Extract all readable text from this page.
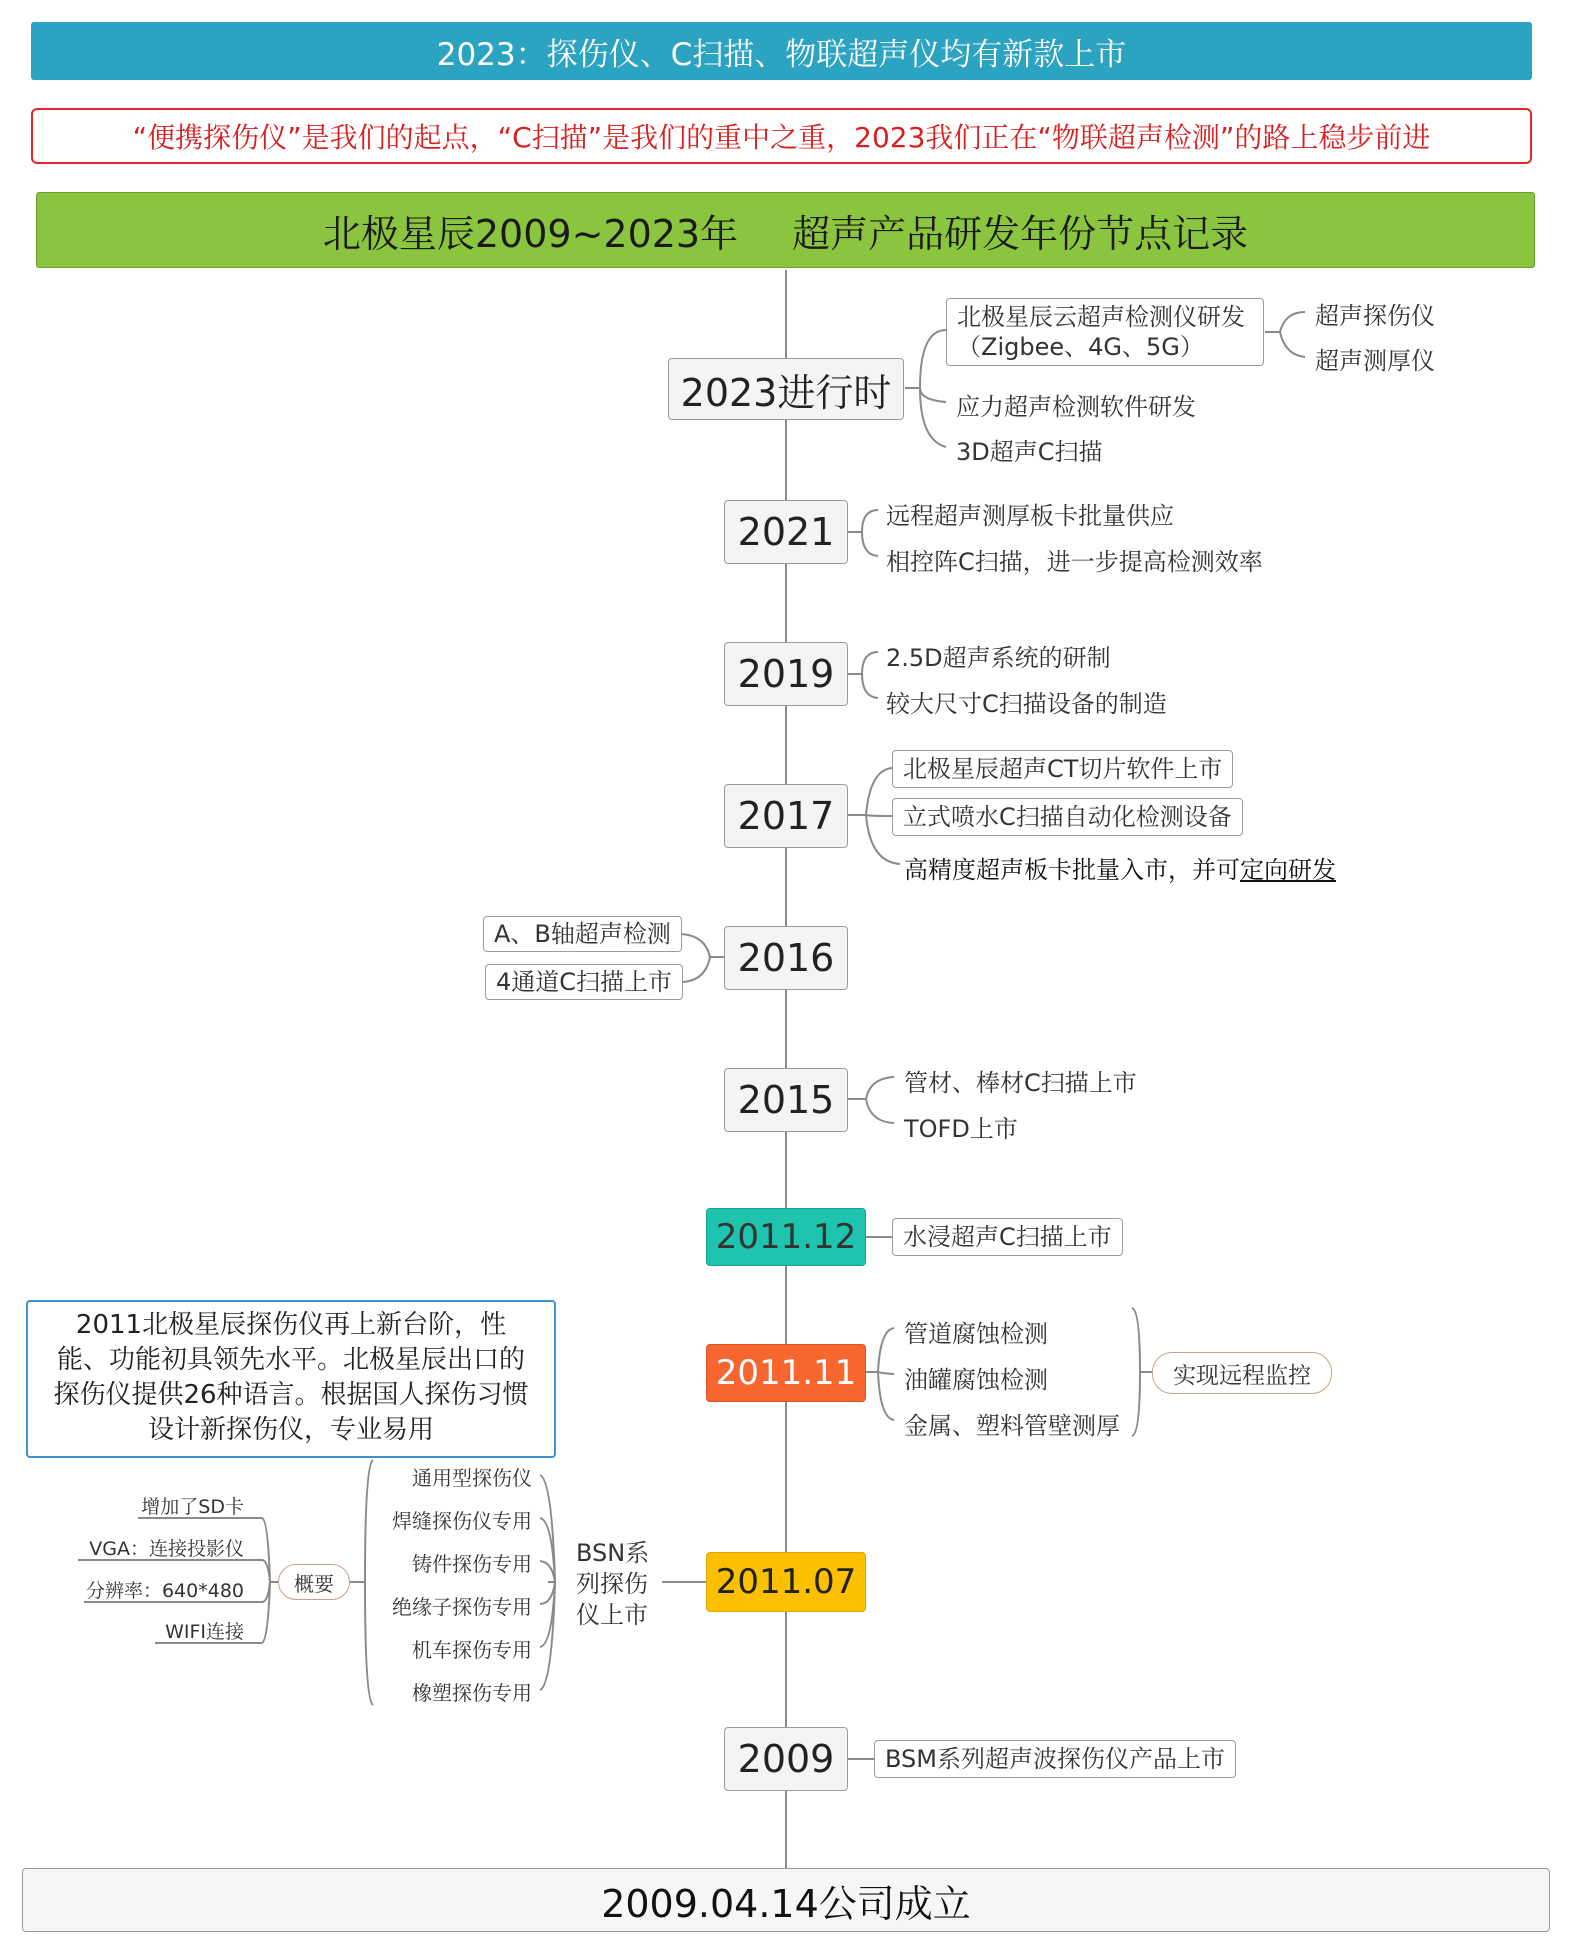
2023：探伤仪、C扫描、物联超声仪均有新款上市
“便携探伤仪”是我们的起点，“C扫描”是我们的重中之重，2023我们正在“物联超声检测”的路上稳步前进
北极星辰2009~2023年 超声产品研发年份节点记录
2023进行时
北极星辰云超声检测仪研发
（Zigbee、4G、5G）
超声探伤仪
超声测厚仪
应力超声检测软件研发
3D超声C扫描
2021 远程超声测厚板卡批量供应
相控阵C扫描，进一步提高检测效率
2019 2.5D超声系统的研制
较大尺寸C扫描设备的制造
2017
北极星辰超声CT切片软件上市
立式喷水C扫描自动化检测设备
高精度超声板卡批量入市，并可定向研发
2016
A、B轴超声检测
4通道C扫描上市
2015	管材、棒材C扫描上市
TOFD上市
2011.12	水浸超声C扫描上市
2011.11
管道腐蚀检测
油罐腐蚀检测
金属、塑料管壁测厚
实现远程监控
2011北极星辰探伤仪再上新台阶，性
能、功能初具领先水平。北极星辰出口的
探伤仪提供26种语言。根据国人探伤习惯
设计新探伤仪，专业易用
2011.07
BSN系
列探伤
仪上市
通用型探伤仪
焊缝探伤仪专用
铸件探伤专用
绝缘子探伤专用
机车探伤专用
橡塑探伤专用
概要
增加了SD卡
VGA：连接投影仪
分辨率：640*480
WIFI连接
2009	BSM系列超声波探伤仪产品上市
2009.04.14公司成立
